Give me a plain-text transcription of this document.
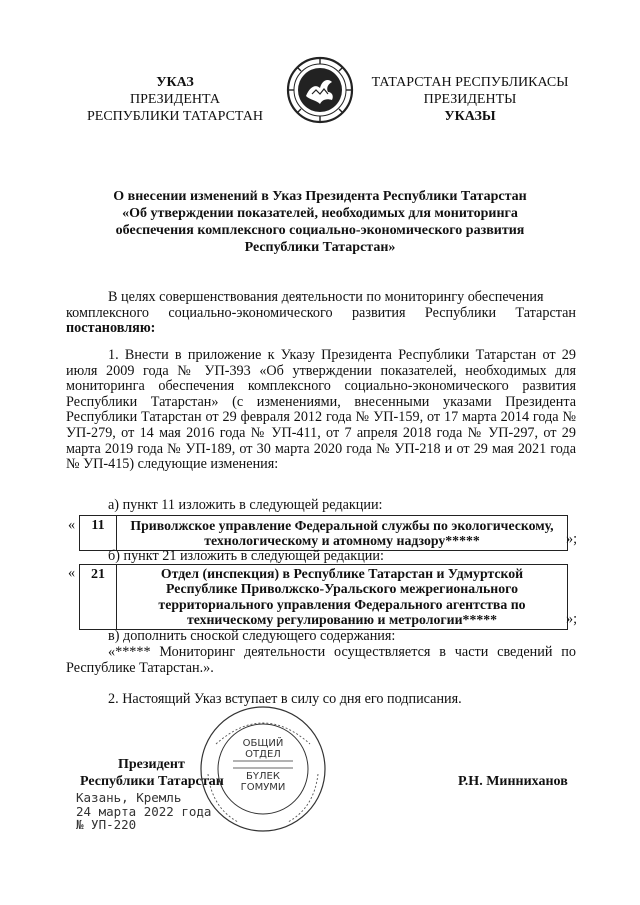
УКАЗ
ПРЕЗИДЕНТА
РЕСПУБЛИКИ ТАТАРСТАН
ТАТАРСТАН РЕСПУБЛИКАСЫ
ПРЕЗИДЕНТЫ
УКАЗЫ
О внесении изменений в Указ Президента Республики Татарстан
«Об утверждении показателей, необходимых для мониторинга
обеспечения комплексного социально-экономического развития
Республики Татарстан»
В целях совершенствования деятельности по мониторингу обеспечения
комплексного социально-экономического развития Республики Татарстан
постановляю:
1. Внести в приложение к Указу Президента Республики Татарстан от 29 июля 2009 года № УП-393 «Об утверждении показателей, необходимых для мониторинга обеспечения комплексного социально-экономического развития Республики Татарстан» (с изменениями, внесенными указами Президента Республики Татарстан от 29 февраля 2012 года № УП-159, от 17 марта 2014 года № УП-279, от 14 мая 2016 года № УП-411, от 7 апреля 2018 года № УП-297, от 29 марта 2019 года № УП-189, от 30 марта 2020 года № УП-218 и от 29 мая 2021 года № УП-415) следующие изменения:
а) пункт 11 изложить в следующей редакции:
«	11	Приволжское управление Федеральной службы по экологическому, технологическому и атомному надзору*****	»;
б) пункт 21 изложить в следующей редакции:
«	21	Отдел (инспекция) в Республике Татарстан и Удмуртской Республике Приволжско-Уральского межрегионального территориального управления Федерального агентства по техническому регулированию и метрологии*****	»;
в) дополнить сноской следующего содержания:
«***** Мониторинг деятельности осуществляется в части сведений по Республике Татарстан.».
2. Настоящий Указ вступает в силу со дня его подписания.
ОБЩИЙ
ОТДЕЛ
БҮЛЕК
ГОМУМИ
Президент
Республики Татарстан	Р.Н. Минниханов
Казань, Кремль
24 марта 2022 года
№ УП-220
